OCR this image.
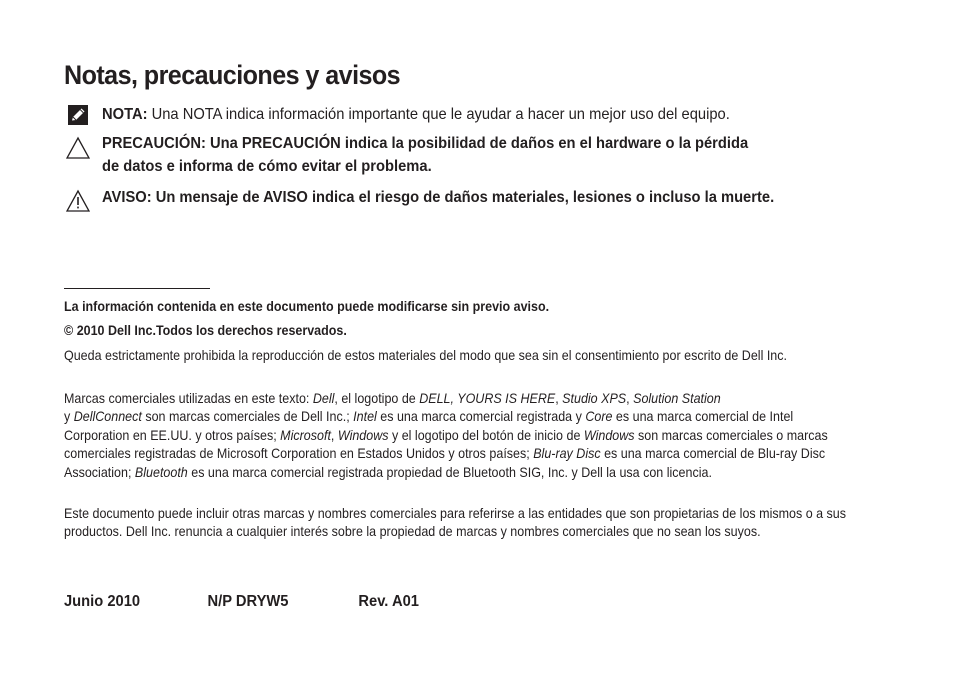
Notas, precauciones y avisos
NOTA: Una NOTA indica información importante que le ayudar a hacer un mejor uso del equipo.
PRECAUCIÓN: Una PRECAUCIÓN indica la posibilidad de daños en el hardware o la pérdida
de datos e informa de cómo evitar el problema.
AVISO: Un mensaje de AVISO indica el riesgo de daños materiales, lesiones o incluso la muerte.

La información contenida en este documento puede modificarse sin previo aviso.

© 2010 Dell Inc.Todos los derechos reservados.

Queda estrictamente prohibida la reproducción de estos materiales del modo que sea sin el consentimiento por escrito de Dell Inc.

Marcas comerciales utilizadas en este texto: Dell, el logotipo de DELL, YOURS IS HERE, Studio XPS, Solution Station
y DellConnect son marcas comerciales de Dell Inc.; Intel es una marca comercial registrada y Core es una marca comercial de Intel Corporation en EE.UU. y otros países; Microsoft, Windows y el logotipo del botón de inicio de Windows son marcas comerciales o marcas comerciales registradas de Microsoft Corporation en Estados Unidos y otros países; Blu-ray Disc es una marca comercial de Blu-ray Disc Association; Bluetooth es una marca comercial registrada propiedad de Bluetooth SIG, Inc. y Dell la usa con licencia.

Este documento puede incluir otras marcas y nombres comerciales para referirse a las entidades que son propietarias de los mismos o a sus productos. Dell Inc. renuncia a cualquier interés sobre la propiedad de marcas y nombres comerciales que no sean los suyos.

Junio 2010	N/P DRYW5	Rev. A01
